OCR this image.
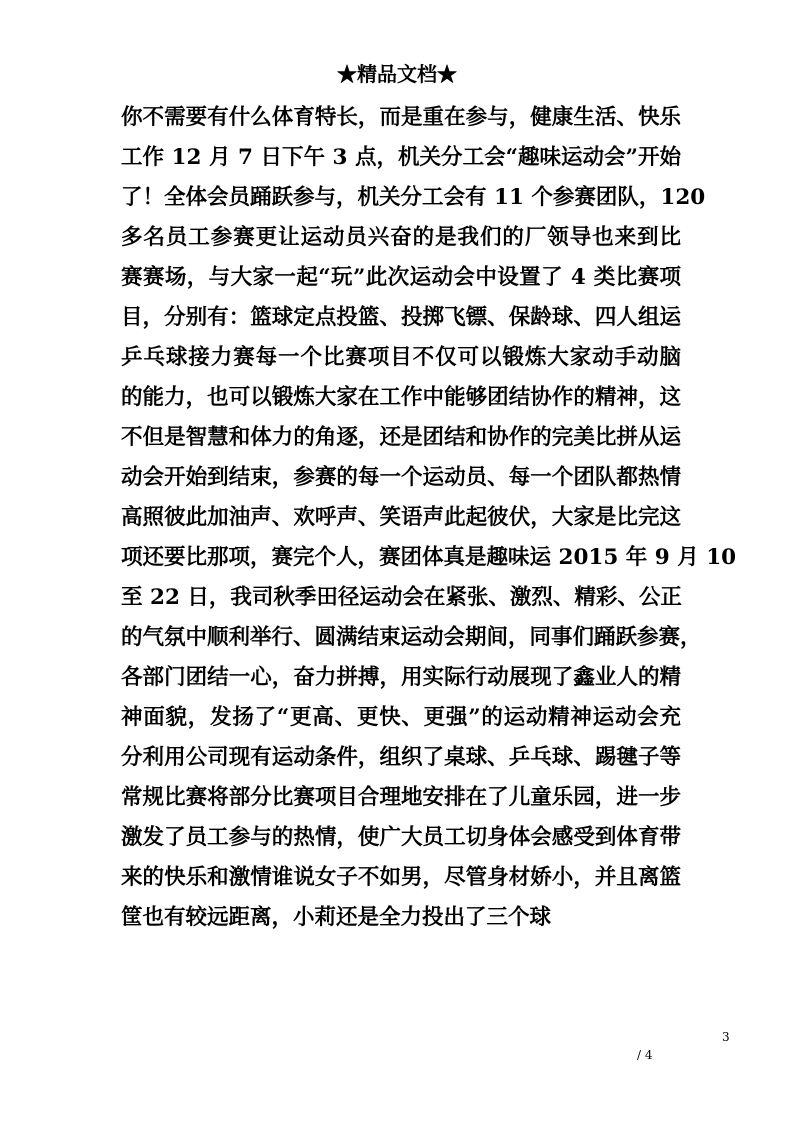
★精品文档★
你不需要有什么体育特长，而是重在参与，健康生活、快乐
工作 12 月 7 日下午 3 点，机关分工会“趣味运动会”开始
了！全体会员踊跃参与，机关分工会有 11 个参赛团队，120
多名员工参赛更让运动员兴奋的是我们的厂领导也来到比
赛赛场，与大家一起“玩”此次运动会中设置了 4 类比赛项
目，分别有：篮球定点投篮、投掷飞镖、保龄球、四人组运
乒乓球接力赛每一个比赛项目不仅可以锻炼大家动手动脑
的能力，也可以锻炼大家在工作中能够团结协作的精神，这
不但是智慧和体力的角逐，还是团结和协作的完美比拼从运
动会开始到结束，参赛的每一个运动员、每一个团队都热情
高照彼此加油声、欢呼声、笑语声此起彼伏，大家是比完这
项还要比那项，赛完个人，赛团体真是趣味运 2015 年 9 月 10
至 22 日，我司秋季田径运动会在紧张、激烈、精彩、公正
的气氛中顺利举行、圆满结束运动会期间，同事们踊跃参赛，
各部门团结一心，奋力拼搏，用实际行动展现了鑫业人的精
神面貌，发扬了“更高、更快、更强”的运动精神运动会充
分利用公司现有运动条件，组织了桌球、乒乓球、踢毽子等
常规比赛将部分比赛项目合理地安排在了儿童乐园，进一步
激发了员工参与的热情，使广大员工切身体会感受到体育带
来的快乐和激情谁说女子不如男，尽管身材娇小，并且离篮
筐也有较远距离，小莉还是全力投出了三个球
3
/ 4
